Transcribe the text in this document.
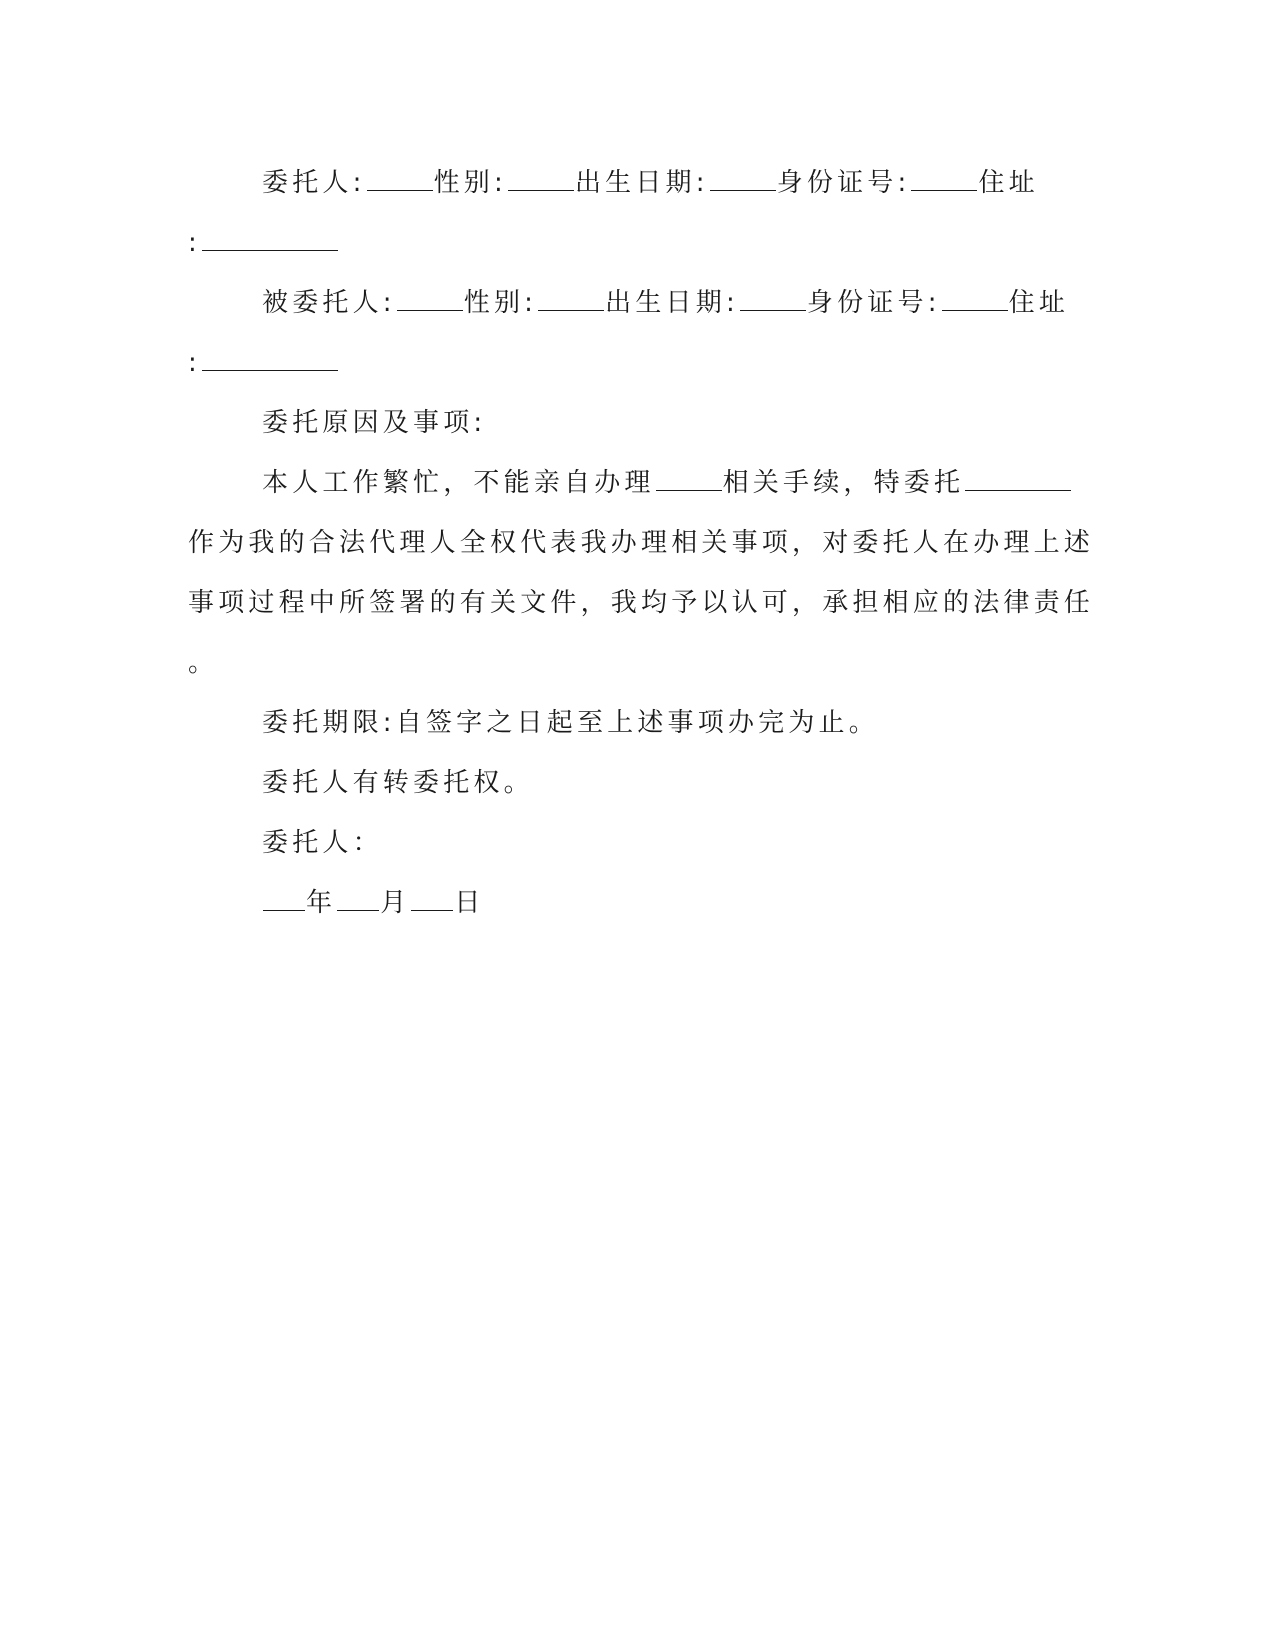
委托人:	性别:	出生日期:	身份证号:	住址
:
被委托人:	性别:	出生日期:	身份证号:	住址
:
委托原因及事项:
本人工作繁忙，不能亲自办理	相关手续，特委托
作为我的合法代理人全权代表我办理相关事项，对委托人在办理上述
事项过程中所签署的有关文件，我均予以认可，承担相应的法律责任
。
委托期限:自签字之日起至上述事项办完为止。
委托人有转委托权。
委托人：
年 月 日
